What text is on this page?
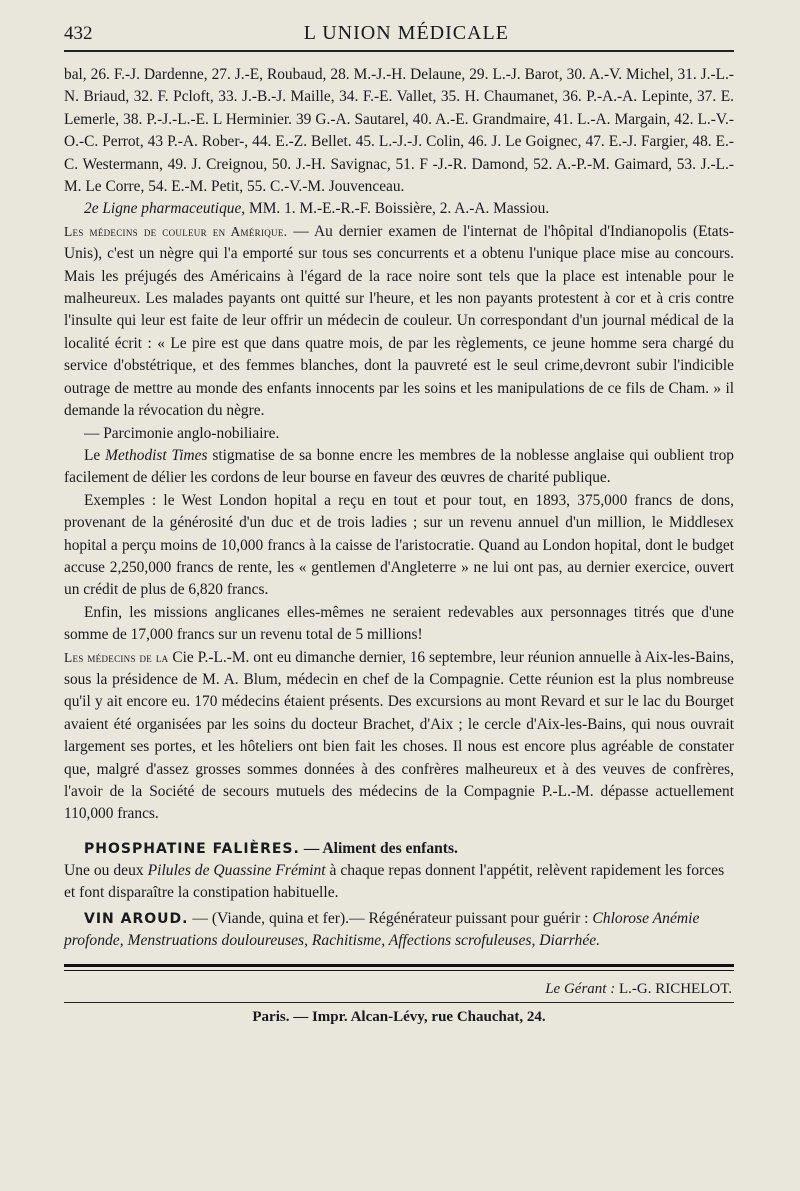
432	L UNION MÉDICALE

bal, 26. F.-J. Dardenne, 27. J.-E, Roubaud, 28. M.-J.-H. Delaune, 29. L.-J. Barot, 30. A.-V. Michel, 31. J.-L.-N. Briaud, 32. F. Pcloft, 33. J.-B.-J. Maille, 34. F.-E. Vallet, 35. H. Chaumanet, 36. P.-A.-A. Lepinte, 37. E. Lemerle, 38. P.-J.-L.-E. L Herminier. 39 G.-A. Sautarel, 40. A.-E. Grandmaire, 41. L.-A. Margain, 42. L.-V.-O.-C. Perrot, 43 P.-A. Rober-, 44. E.-Z. Bellet. 45. L.-J.-J. Colin, 46. J. Le Goignec, 47. E.-J. Fargier, 48. E.-C. Westermann, 49. J. Creignou, 50. J.-H. Savignac, 51. F -J.-R. Damond, 52. A.-P.-M. Gaimard, 53. J.-L.-M. Le Corre, 54. E.-M. Petit, 55. C.-V.-M. Jouvenceau.

2e Ligne pharmaceutique, MM. 1. M.-E.-R.-F. Boissière, 2. A.-A. Massiou.

Les médecins de couleur en Amérique. — Au dernier examen de l'internat de l'hôpital d'Indianopolis (Etats-Unis), c'est un nègre qui l'a emporté sur tous ses concurrents et a obtenu l'unique place mise au concours. Mais les préjugés des Américains à l'égard de la race noire sont tels que la place est intenable pour le malheureux. Les malades payants ont quitté sur l'heure, et les non payants protestent à cor et à cris contre l'insulte qui leur est faite de leur offrir un médecin de couleur. Un correspondant d'un journal médical de la localité écrit : « Le pire est que dans quatre mois, de par les règlements, ce jeune homme sera chargé du service d'obstétrique, et des femmes blanches, dont la pauvreté est le seul crime,devront subir l'indicible outrage de mettre au monde des enfants innocents par les soins et les manipulations de ce fils de Cham. » il demande la révocation du nègre.

— Parcimonie anglo-nobiliaire.

Le Methodist Times stigmatise de sa bonne encre les membres de la noblesse anglaise qui oublient trop facilement de délier les cordons de leur bourse en faveur des œuvres de charité publique.

Exemples : le West London hopital a reçu en tout et pour tout, en 1893, 375,000 francs de dons, provenant de la générosité d'un duc et de trois ladies ; sur un revenu annuel d'un million, le Middlesex hopital a perçu moins de 10,000 francs à la caisse de l'aristocratie. Quand au London hopital, dont le budget accuse 2,250,000 francs de rente, les « gentlemen d'Angleterre » ne lui ont pas, au dernier exercice, ouvert un crédit de plus de 6,820 francs.

Enfin, les missions anglicanes elles-mêmes ne seraient redevables aux personnages titrés que d'une somme de 17,000 francs sur un revenu total de 5 millions!

Les médecins de la Cie P.-L.-M. ont eu dimanche dernier, 16 septembre, leur réunion annuelle à Aix-les-Bains, sous la présidence de M. A. Blum, médecin en chef de la Compagnie. Cette réunion est la plus nombreuse qu'il y ait encore eu. 170 médecins étaient présents. Des excursions au mont Revard et sur le lac du Bourget avaient été organisées par les soins du docteur Brachet, d'Aix ; le cercle d'Aix-les-Bains, qui nous ouvrait largement ses portes, et les hôteliers ont bien fait les choses. Il nous est encore plus agréable de constater que, malgré d'assez grosses sommes données à des confrères malheureux et à des veuves de confrères, l'avoir de la Société de secours mutuels des médecins de la Compagnie P.-L.-M. dépasse actuellement 110,000 francs.

PHOSPHATINE FALIÈRES. — Aliment des enfants.

Une ou deux Pilules de Quassine Frémint à chaque repas donnent l'appétit, relèvent rapidement les forces et font disparaître la constipation habituelle.

VIN AROUD. — (Viande, quina et fer).— Régénérateur puissant pour guérir : Chlorose Anémie profonde, Menstruations douloureuses, Rachitisme, Affections scrofuleuses, Diarrhée.

Le Gérant : L.-G. RICHELOT.
Paris. — Impr. Alcan-Lévy, rue Chauchat, 24.
